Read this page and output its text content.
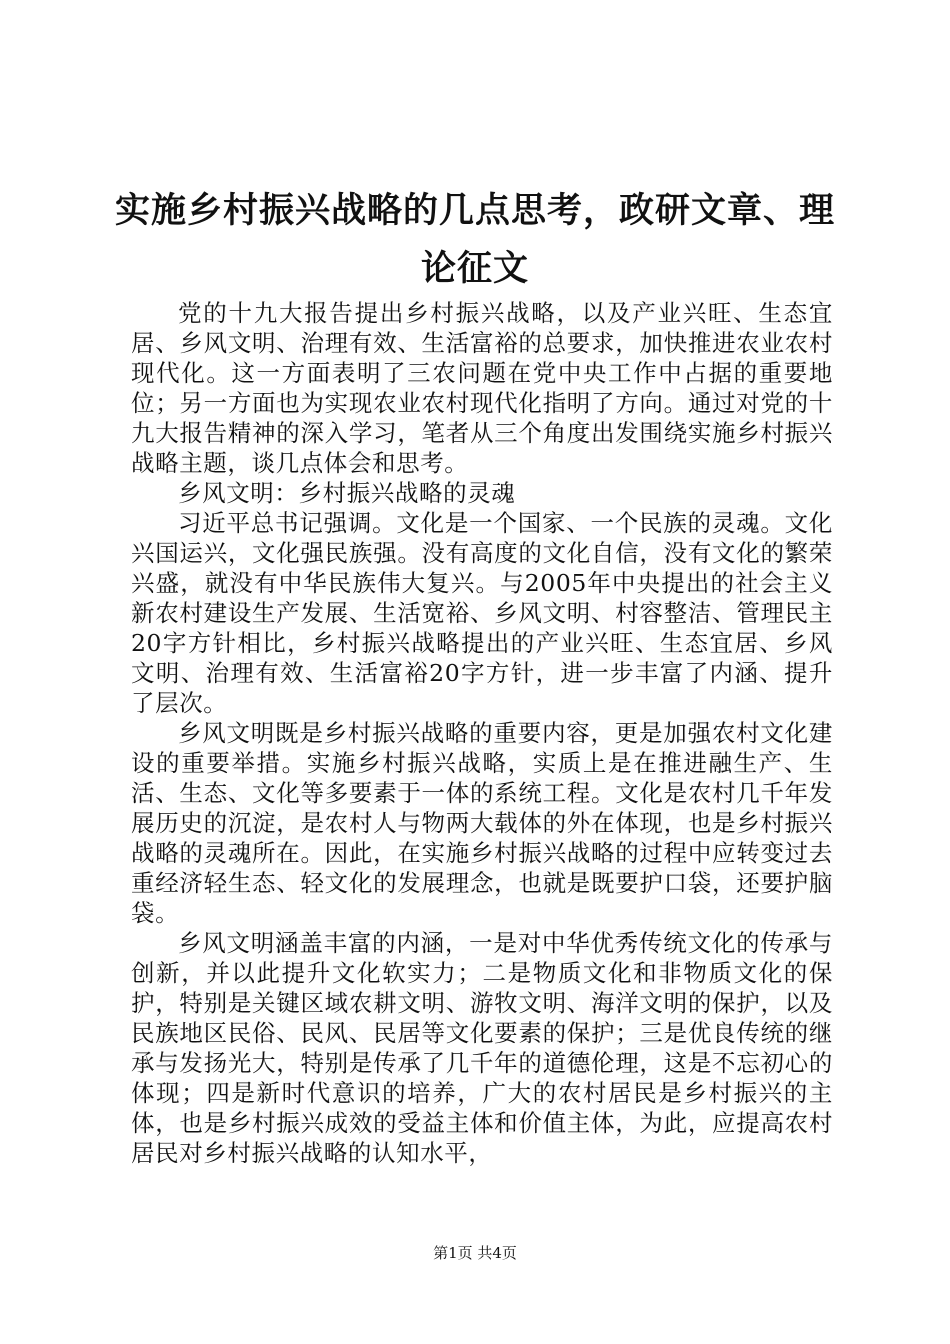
实施乡村振兴战略的几点思考，政研文章、理论征文

党的十九大报告提出乡村振兴战略，以及产业兴旺、生态宜居、乡风文明、治理有效、生活富裕的总要求，加快推进农业农村现代化。这一方面表明了三农问题在党中央工作中占据的重要地位；另一方面也为实现农业农村现代化指明了方向。通过对党的十九大报告精神的深入学习，笔者从三个角度出发围绕实施乡村振兴战略主题，谈几点体会和思考。

乡风文明：乡村振兴战略的灵魂

习近平总书记强调。文化是一个国家、一个民族的灵魂。文化兴国运兴，文化强民族强。没有高度的文化自信，没有文化的繁荣兴盛，就没有中华民族伟大复兴。与2005年中央提出的社会主义新农村建设生产发展、生活宽裕、乡风文明、村容整洁、管理民主20字方针相比，乡村振兴战略提出的产业兴旺、生态宜居、乡风文明、治理有效、生活富裕20字方针，进一步丰富了内涵、提升了层次。

乡风文明既是乡村振兴战略的重要内容，更是加强农村文化建设的重要举措。实施乡村振兴战略，实质上是在推进融生产、生活、生态、文化等多要素于一体的系统工程。文化是农村几千年发展历史的沉淀，是农村人与物两大载体的外在体现，也是乡村振兴战略的灵魂所在。因此，在实施乡村振兴战略的过程中应转变过去重经济轻生态、轻文化的发展理念，也就是既要护口袋，还要护脑袋。

乡风文明涵盖丰富的内涵，一是对中华优秀传统文化的传承与创新，并以此提升文化软实力；二是物质文化和非物质文化的保护，特别是关键区域农耕文明、游牧文明、海洋文明的保护，以及民族地区民俗、民风、民居等文化要素的保护；三是优良传统的继承与发扬光大，特别是传承了几千年的道德伦理，这是不忘初心的体现；四是新时代意识的培养，广大的农村居民是乡村振兴的主体，也是乡村振兴成效的受益主体和价值主体，为此，应提高农村居民对乡村振兴战略的认知水平，

第1页 共4页
